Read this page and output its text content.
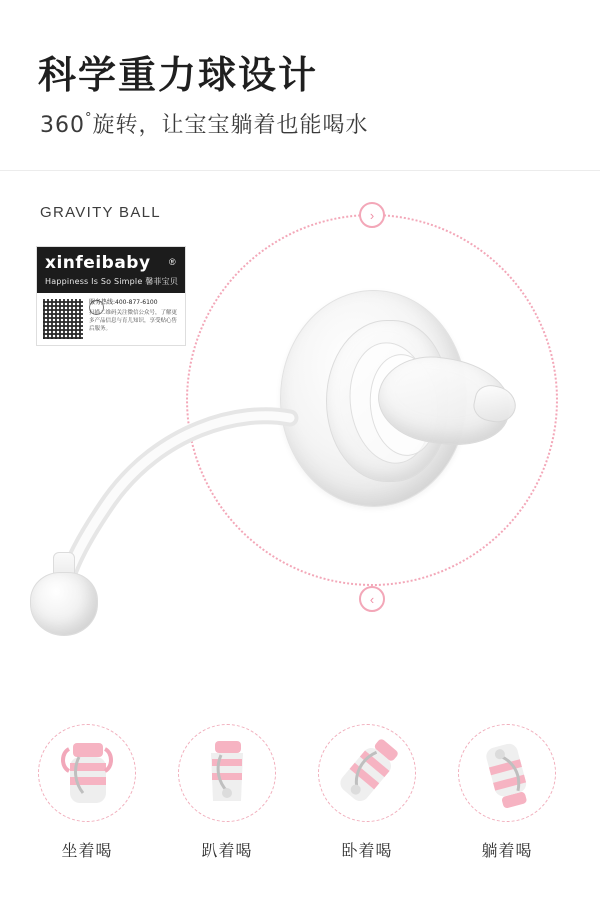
科学重力球设计
360°旋转，让宝宝躺着也能喝水
GRAVITY BALL
xinfeibaby ®
Happiness Is So Simple 馨菲宝贝
服务热线:400-877-6100
扫描二维码关注微信公众号，了解更多产品信息与育儿知识，享受贴心售后服务。
›
‹
坐着喝	趴着喝	卧着喝	躺着喝
